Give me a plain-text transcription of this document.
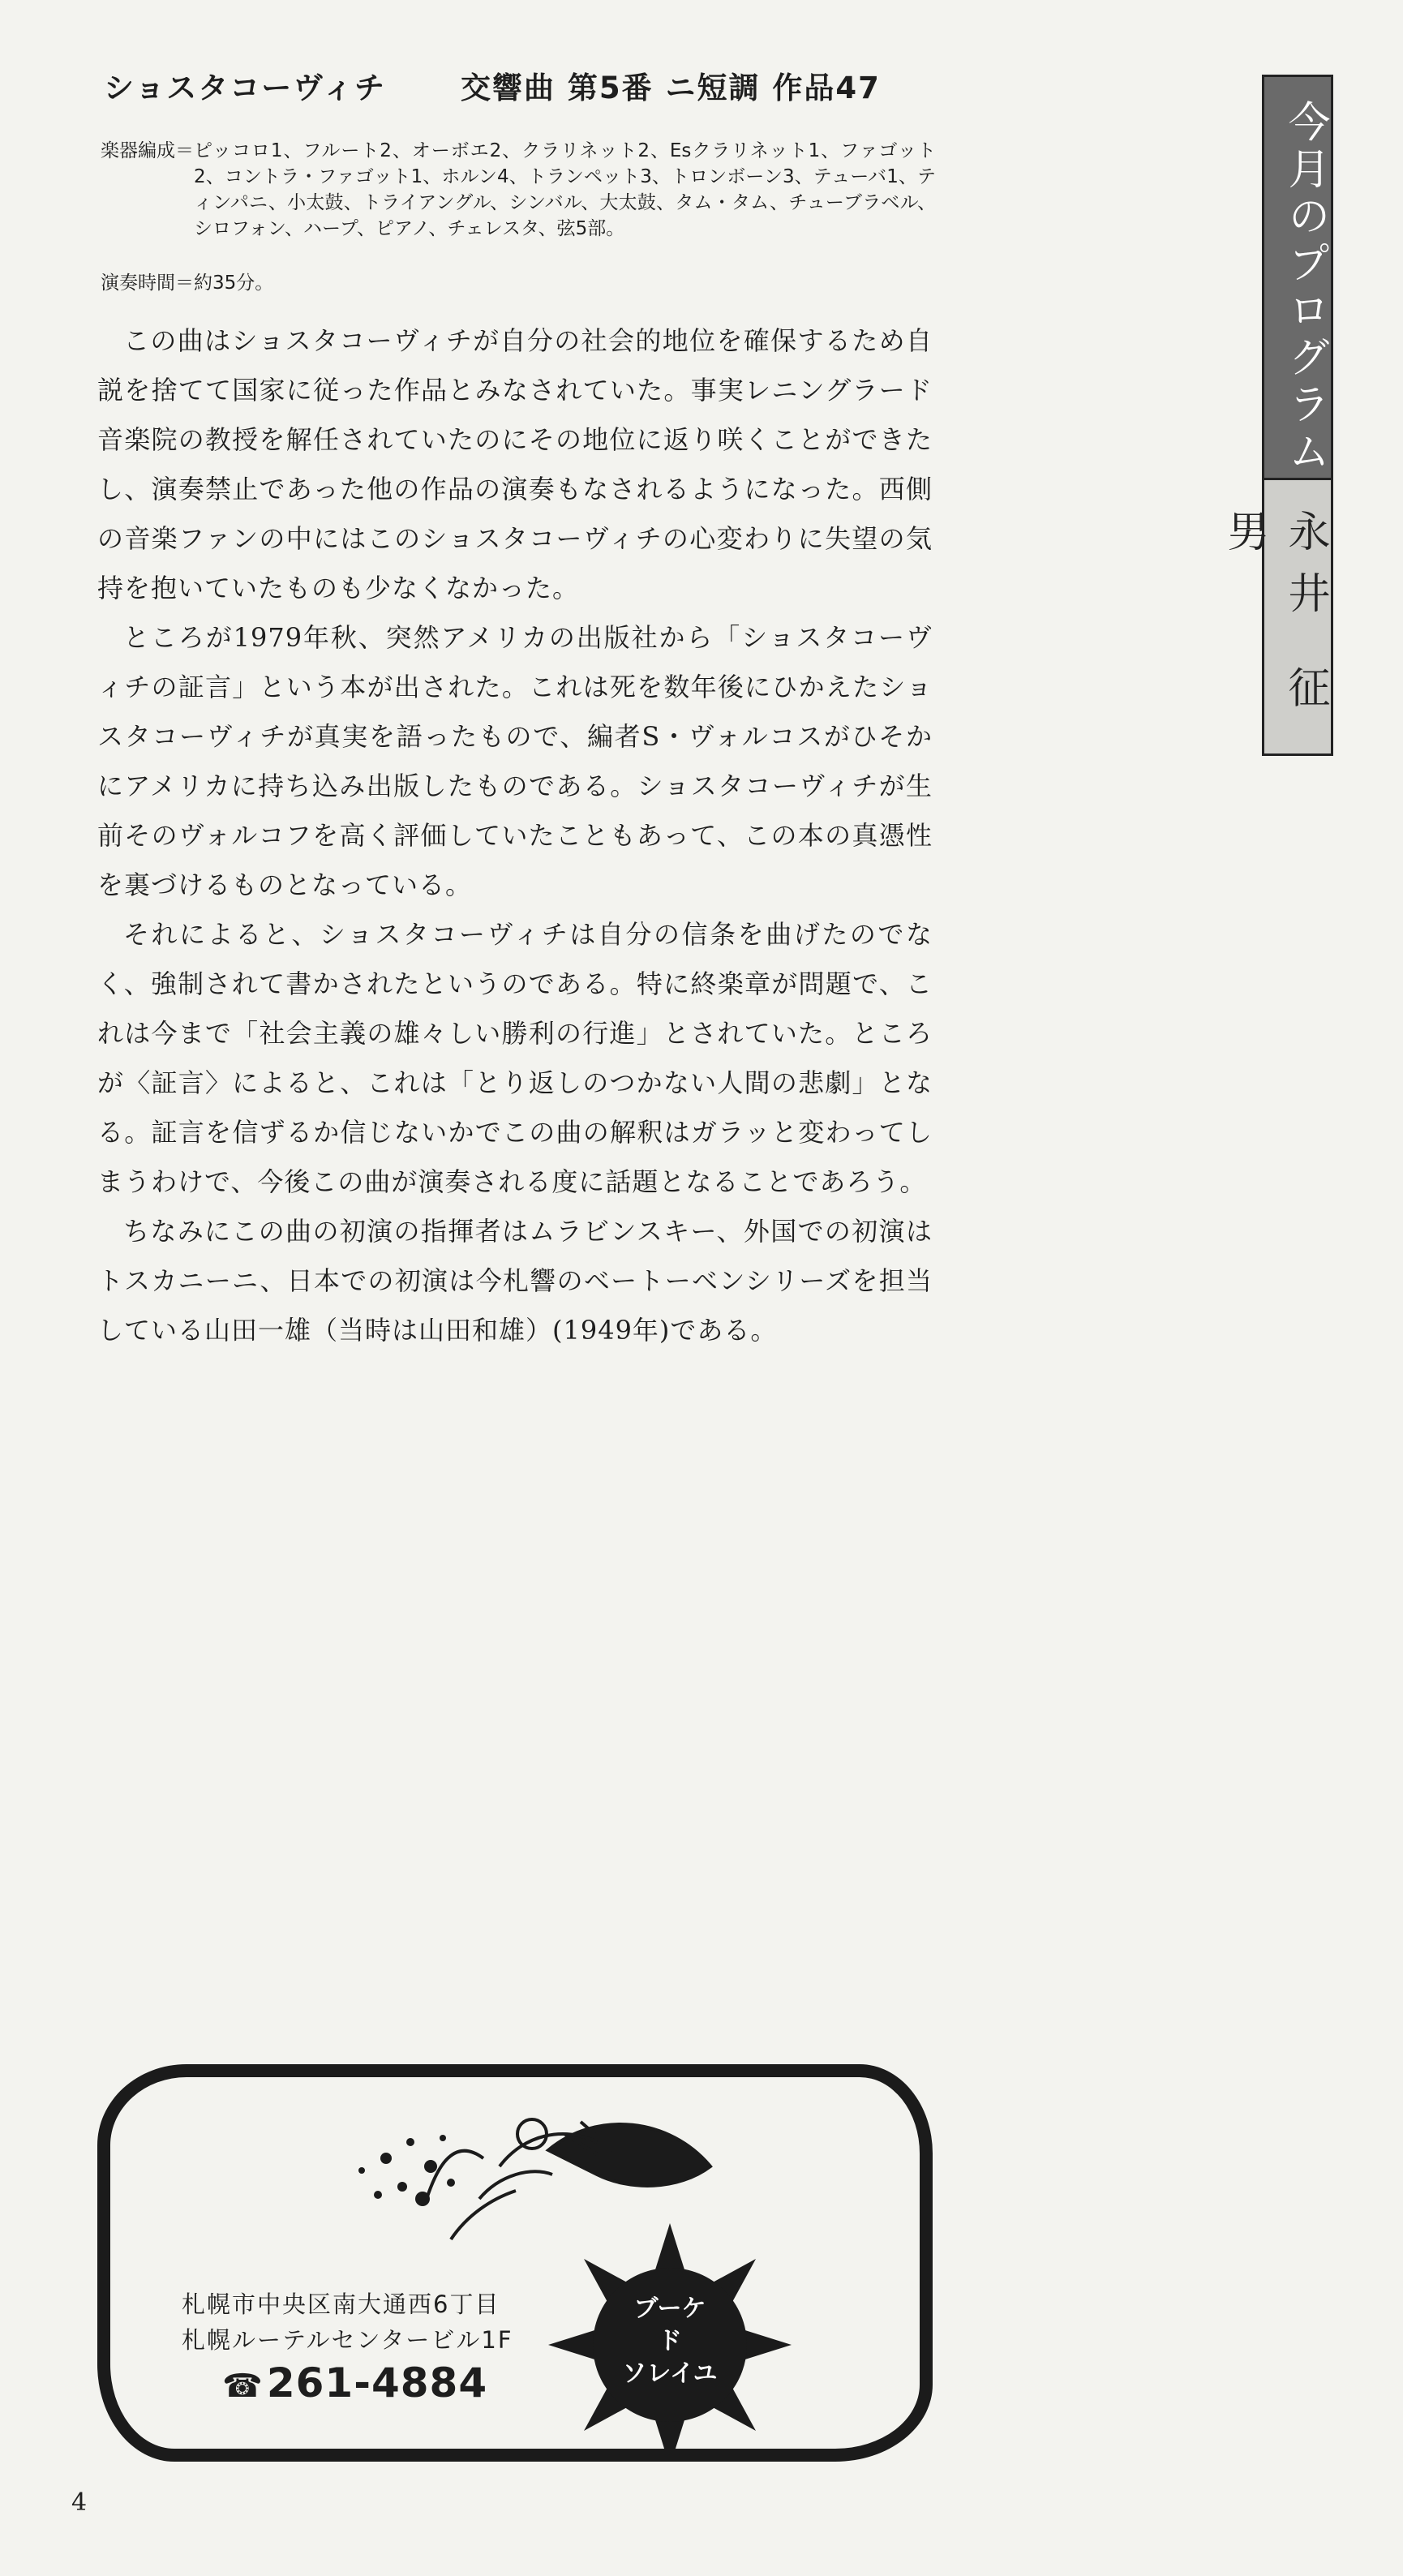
ショスタコーヴィチ 交響曲 第5番 ニ短調 作品47
楽器編成＝ ピッコロ1、フルート2、オーボエ2、クラリネット2、Esクラリネット1、ファゴット2、コントラ・ファゴット1、ホルン4、トランペット3、トロンボーン3、テューバ1、ティンパニ、小太鼓、トライアングル、シンバル、大太鼓、タム・タム、チューブラベル、シロフォン、ハープ、ピアノ、チェレスタ、弦5部。
演奏時間＝約35分。

この曲はショスタコーヴィチが自分の社会的地位を確保するため自説を捨てて国家に従った作品とみなされていた。事実レニングラード音楽院の教授を解任されていたのにその地位に返り咲くことができたし、演奏禁止であった他の作品の演奏もなされるようになった。西側の音楽ファンの中にはこのショスタコーヴィチの心変わりに失望の気持を抱いていたものも少なくなかった。

ところが1979年秋、突然アメリカの出版社から「ショスタコーヴィチの証言」という本が出された。これは死を数年後にひかえたショスタコーヴィチが真実を語ったもので、編者S・ヴォルコスがひそかにアメリカに持ち込み出版したものである。ショスタコーヴィチが生前そのヴォルコフを高く評価していたこともあって、この本の真憑性を裏づけるものとなっている。

それによると、ショスタコーヴィチは自分の信条を曲げたのでなく、強制されて書かされたというのである。特に終楽章が問題で、これは今まで「社会主義の雄々しい勝利の行進」とされていた。ところが〈証言〉によると、これは「とり返しのつかない人間の悲劇」となる。証言を信ずるか信じないかでこの曲の解釈はガラッと変わってしまうわけで、今後この曲が演奏される度に話題となることであろう。

ちなみにこの曲の初演の指揮者はムラビンスキー、外国での初演はトスカニーニ、日本での初演は今札響のベートーベンシリーズを担当している山田一雄（当時は山田和雄）(1949年)である。

今月のプログラム
永井 征男
ブーケ
ド
ソレイユ
札幌市中央区南大通西6丁目
札幌ルーテルセンタービル1F
☎261-4884
4
